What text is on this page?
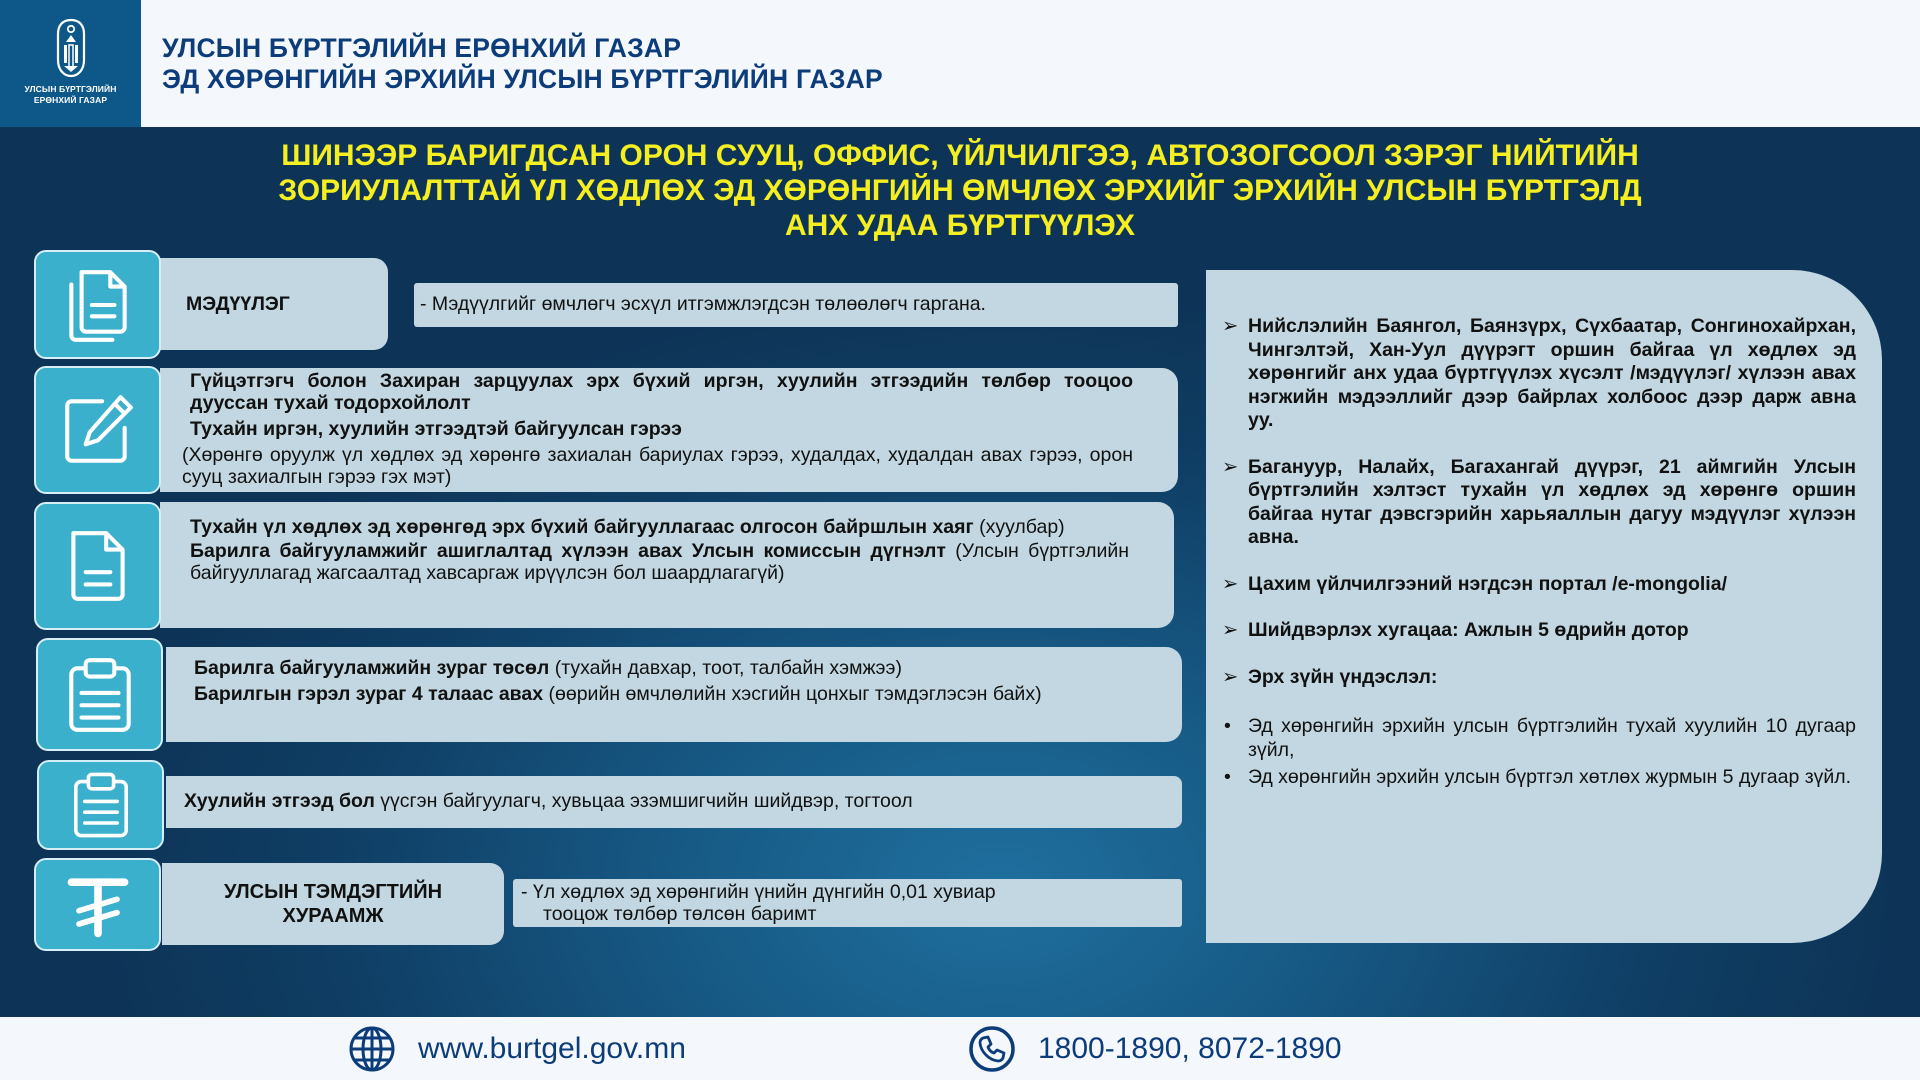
УЛСЫН БҮРТГЭЛИЙН
ЕРӨНХИЙ ГАЗАР
УЛСЫН БҮРТГЭЛИЙН ЕРӨНХИЙ ГАЗАР
ЭД ХӨРӨНГИЙН ЭРХИЙН УЛСЫН БҮРТГЭЛИЙН ГАЗАР
ШИНЭЭР БАРИГДСАН ОРОН СУУЦ, ОФФИС, ҮЙЛЧИЛГЭЭ, АВТОЗОГСООЛ ЗЭРЭГ НИЙТИЙН
ЗОРИУЛАЛТТАЙ ҮЛ ХӨДЛӨХ ЭД ХӨРӨНГИЙН ӨМЧЛӨХ ЭРХИЙГ ЭРХИЙН УЛСЫН БҮРТГЭЛД
АНХ УДАА БҮРТГҮҮЛЭХ
МЭДҮҮЛЭГ	- Мэдүүлгийг өмчлөгч эсхүл итгэмжлэгдсэн төлөөлөгч гаргана.
Гүйцэтгэгч болон Захиран зарцуулах эрх бүхий иргэн, хуулийн этгээдийн төлбөр тооцоо дууссан тухай тодорхойлолт
Тухайн иргэн, хуулийн этгээдтэй байгуулсан гэрээ
(Хөрөнгө оруулж үл хөдлөх эд хөрөнгө захиалан бариулах гэрээ, худалдах, худалдан авах гэрээ, орон сууц захиалгын гэрээ гэх мэт)
Тухайн үл хөдлөх эд хөрөнгөд эрх бүхий байгууллагаас олгосон байршлын хаяг (хуулбар)
Барилга байгууламжийг ашиглалтад хүлээн авах Улсын комиссын дүгнэлт (Улсын бүртгэлийн байгууллагад жагсаалтад хавсаргаж ирүүлсэн бол шаардлагагүй)
Барилга байгууламжийн зураг төсөл (тухайн давхар, тоот, талбайн хэмжээ)
Барилгын гэрэл зураг 4 талаас авах (өөрийн өмчлөлийн хэсгийн цонхыг тэмдэглэсэн байх)
Хуулийн этгээд бол үүсгэн байгуулагч, хувьцаа эзэмшигчийн шийдвэр, тогтоол
УЛСЫН ТЭМДЭГТИЙН
ХУРААМЖ
- Үл хөдлөх эд хөрөнгийн үнийн дүнгийн 0,01 хувиар
тооцож төлбөр төлсөн баримт
➢ Нийслэлийн Баянгол, Баянзүрх, Сүхбаатар, Сонгинохайрхан, Чингэлтэй, Хан-Уул дүүрэгт оршин байгаа үл хөдлөх эд хөрөнгийг анх удаа бүртгүүлэх хүсэлт /мэдүүлэг/ хүлээн авах нэгжийн мэдээллийг дээр байрлах холбоос дээр дарж авна уу.
➢ Багануур, Налайх, Багахангай дүүрэг, 21 аймгийн Улсын бүртгэлийн хэлтэст тухайн үл хөдлөх эд хөрөнгө оршин байгаа нутаг дэвсгэрийн харьяаллын дагуу мэдүүлэг хүлээн авна.
➢ Цахим үйлчилгээний нэгдсэн портал /e-mongolia/
➢ Шийдвэрлэх хугацаа: Ажлын 5 өдрийн дотор
➢ Эрх зүйн үндэслэл:
• Эд хөрөнгийн эрхийн улсын бүртгэлийн тухай хуулийн 10 дугаар зүйл,
• Эд хөрөнгийн эрхийн улсын бүртгэл хөтлөх журмын 5 дугаар зүйл.
www.burtgel.gov.mn	1800-1890, 8072-1890
